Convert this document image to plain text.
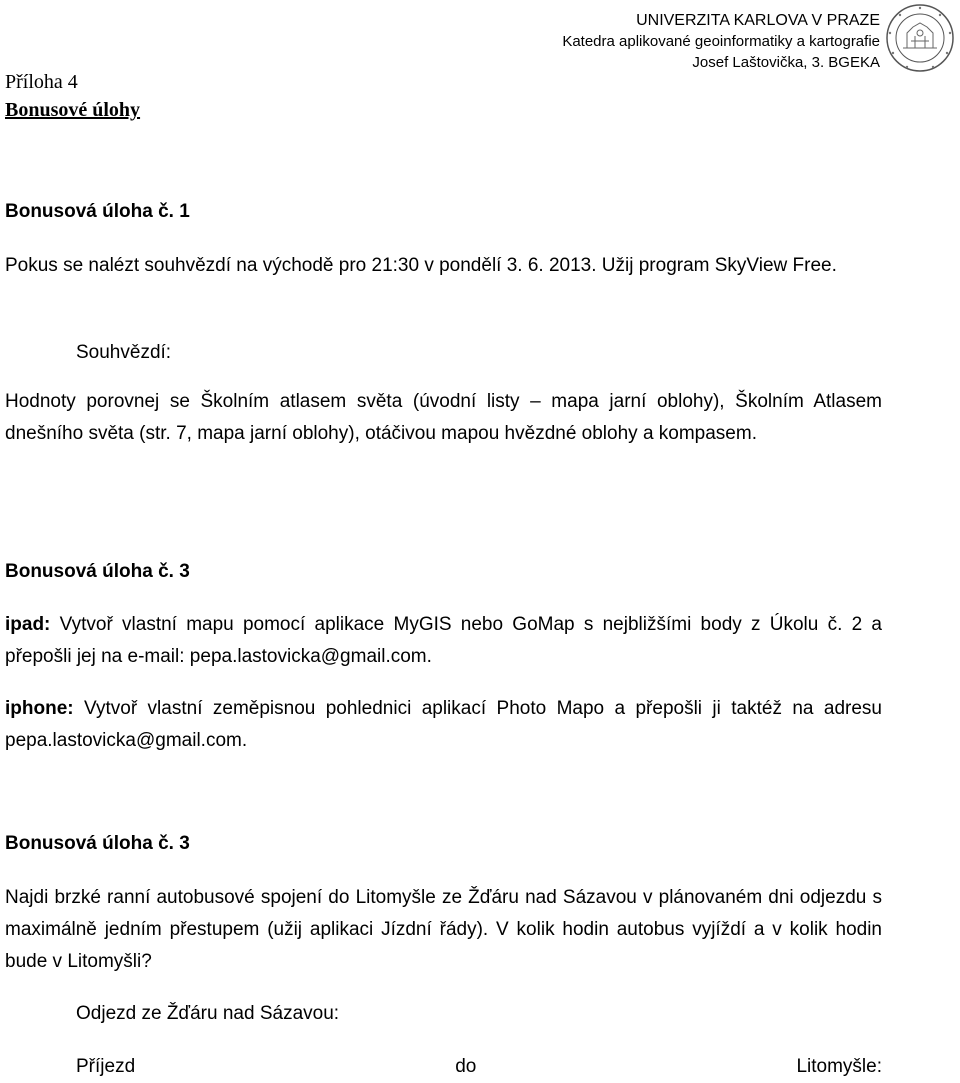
UNIVERZITA KARLOVA V PRAZE
Katedra aplikované geoinformatiky a kartografie
Josef Laštovička, 3. BGEKA
Příloha 4
Bonusové úlohy
Bonusová úloha č. 1
Pokus se nalézt souhvězdí na východě pro 21:30 v pondělí 3. 6. 2013. Užij program SkyView Free.
Souhvězdí:
Hodnoty porovnej se Školním atlasem světa (úvodní listy – mapa jarní oblohy), Školním Atlasem dnešního světa (str. 7, mapa jarní oblohy), otáčivou mapou hvězdné oblohy a kompasem.
Bonusová úloha č. 3
ipad: Vytvoř vlastní mapu pomocí aplikace MyGIS nebo GoMap s nejbližšími body z Úkolu č. 2 a přepošli jej na e-mail: pepa.lastovicka@gmail.com.
iphone: Vytvoř vlastní zeměpisnou pohlednici aplikací Photo Mapo a přepošli ji taktéž na adresu pepa.lastovicka@gmail.com.
Bonusová úloha č. 3
Najdi brzké ranní autobusové spojení do Litomyšle ze Žďáru nad Sázavou v plánovaném dni odjezdu s maximálně jedním přestupem (užij aplikaci Jízdní řády). V kolik hodin autobus vyjíždí a v kolik hodin bude v Litomyšli?
Odjezd ze Žďáru nad Sázavou:
Příjezd	do	Litomyšle:
